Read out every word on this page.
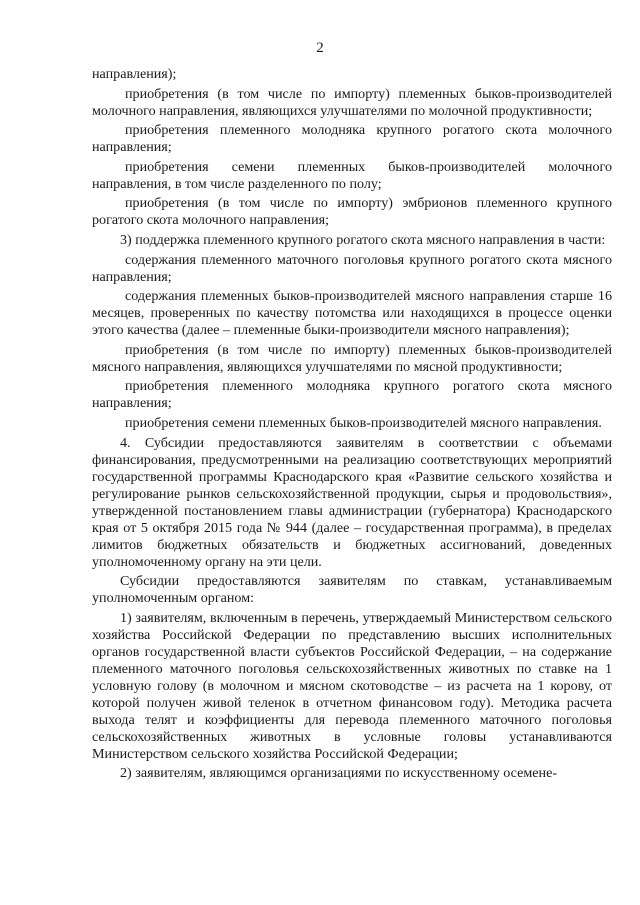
2

направления);

приобретения (в том числе по импорту) племенных быков-производителей молочного направления, являющихся улучшателями по молочной продуктивности;

приобретения племенного молодняка крупного рогатого скота молочного направления;

приобретения семени племенных быков-производителей молочного направления, в том числе разделенного по полу;

приобретения (в том числе по импорту) эмбрионов племенного крупного рогатого скота молочного направления;

3) поддержка племенного крупного рогатого скота мясного направления в части:

содержания племенного маточного поголовья крупного рогатого скота мясного направления;

содержания племенных быков-производителей мясного направления старше 16 месяцев, проверенных по качеству потомства или находящихся в процессе оценки этого качества (далее – племенные быки-производители мясного направления);

приобретения (в том числе по импорту) племенных быков-производителей мясного направления, являющихся улучшателями по мясной продуктивности;

приобретения племенного молодняка крупного рогатого скота мясного направления;

приобретения семени племенных быков-производителей мясного направления.

4. Субсидии предоставляются заявителям в соответствии с объемами финансирования, предусмотренными на реализацию соответствующих мероприятий государственной программы Краснодарского края «Развитие сельского хозяйства и регулирование рынков сельскохозяйственной продукции, сырья и продовольствия», утвержденной постановлением главы администрации (губернатора) Краснодарского края от 5 октября 2015 года № 944 (далее – государственная программа), в пределах лимитов бюджетных обязательств и бюджетных ассигнований, доведенных уполномоченному органу на эти цели.

Субсидии предоставляются заявителям по ставкам, устанавливаемым уполномоченным органом:

1) заявителям, включенным в перечень, утверждаемый Министерством сельского хозяйства Российской Федерации по представлению высших исполнительных органов государственной власти субъектов Российской Федерации, – на содержание племенного маточного поголовья сельскохозяйственных животных по ставке на 1 условную голову (в молочном и мясном скотоводстве – из расчета на 1 корову, от которой получен живой теленок в отчетном финансовом году). Методика расчета выхода телят и коэффициенты для перевода племенного маточного поголовья сельскохозяйственных животных в условные головы устанавливаются Министерством сельского хозяйства Российской Федерации;

2) заявителям, являющимся организациями по искусственному осемене-
